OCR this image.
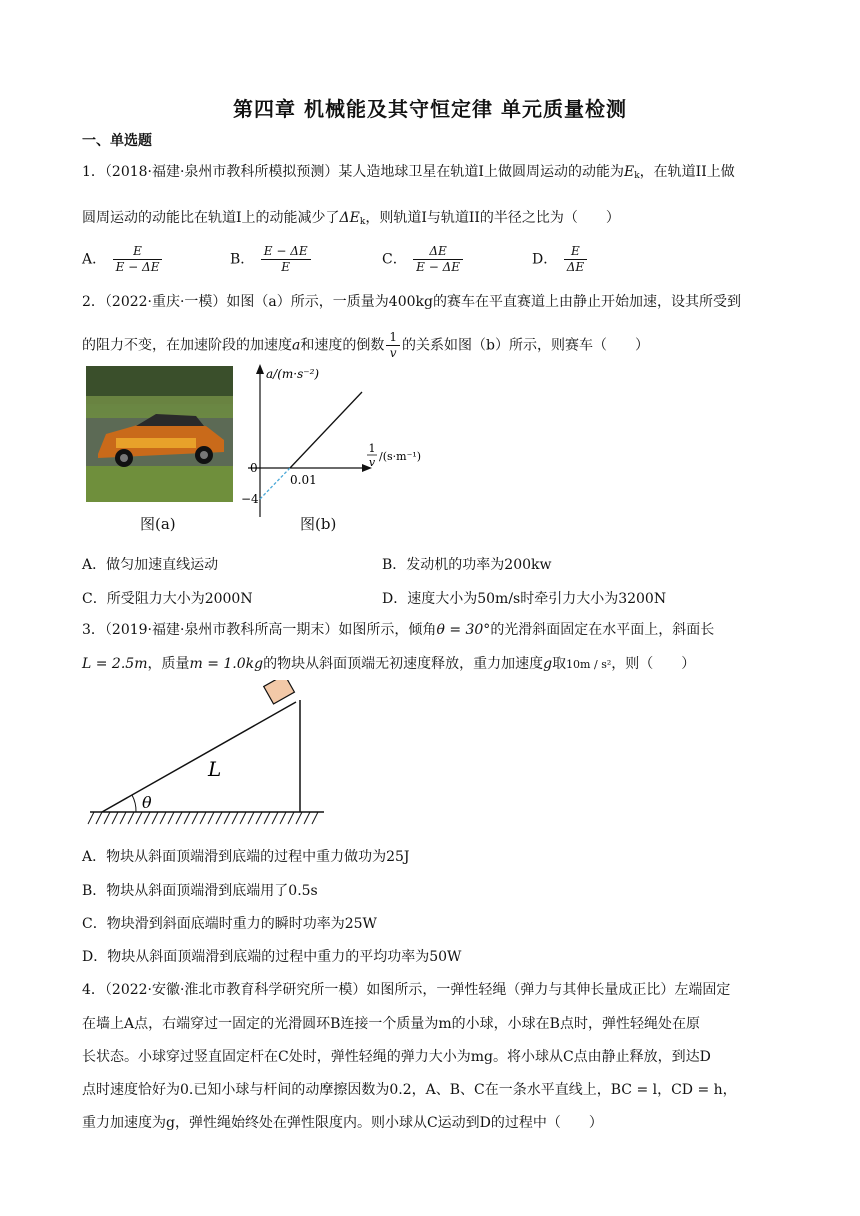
第四章 机械能及其守恒定律 单元质量检测
一、单选题
1．（2018·福建·泉州市教科所模拟预测）某人造地球卫星在轨道I上做圆周运动的动能为$E_k$，在轨道II上做
圆周运动的动能比在轨道I上的动能减少了$\Delta E_k$，则轨道I与轨道II的半径之比为（　　）
A． $\frac{E}{E - \Delta E}$	B． $\frac{E - \Delta E}{E}$	C． $\frac{\Delta E}{E - \Delta E}$	D． $\frac{E}{\Delta E}$
2．（2022·重庆·一模）如图（a）所示，一质量为400kg的赛车在平直赛道上由静止开始加速，设其所受到
的阻力不变，在加速阶段的加速度a和速度的倒数 $\frac{1}{v}$ 的关系如图（b）所示，则赛车（　　）
图(a)
a/(m·s⁻²)
1
v /(s·m⁻¹)
0
0.01
−4
图(b)
A．做匀加速直线运动	B．发动机的功率为200kw
C．所受阻力大小为2000N	D．速度大小为50m/s时牵引力大小为3200N
3．（2019·福建·泉州市教科所高一期末）如图所示，倾角θ = 30°的光滑斜面固定在水平面上，斜面长
L = 2.5m，质量m = 1.0kg的物块从斜面顶端无初速度释放，重力加速度g取10m / s²，则（　　）
θ
L
A．物块从斜面顶端滑到底端的过程中重力做功为25J
B．物块从斜面顶端滑到底端用了0.5s
C．物块滑到斜面底端时重力的瞬时功率为25W
D．物块从斜面顶端滑到底端的过程中重力的平均功率为50W
4．（2022·安徽·淮北市教育科学研究所一模）如图所示，一弹性轻绳（弹力与其伸长量成正比）左端固定
在墙上A点，右端穿过一固定的光滑圆环B连接一个质量为m的小球，小球在B点时，弹性轻绳处在原
长状态。小球穿过竖直固定杆在C处时，弹性轻绳的弹力大小为mg。将小球从C点由静止释放，到达D
点时速度恰好为0.已知小球与杆间的动摩擦因数为0.2，A、B、C在一条水平直线上，BC = l，CD = h，
重力加速度为g，弹性绳始终处在弹性限度内。则小球从C运动到D的过程中（　　）
